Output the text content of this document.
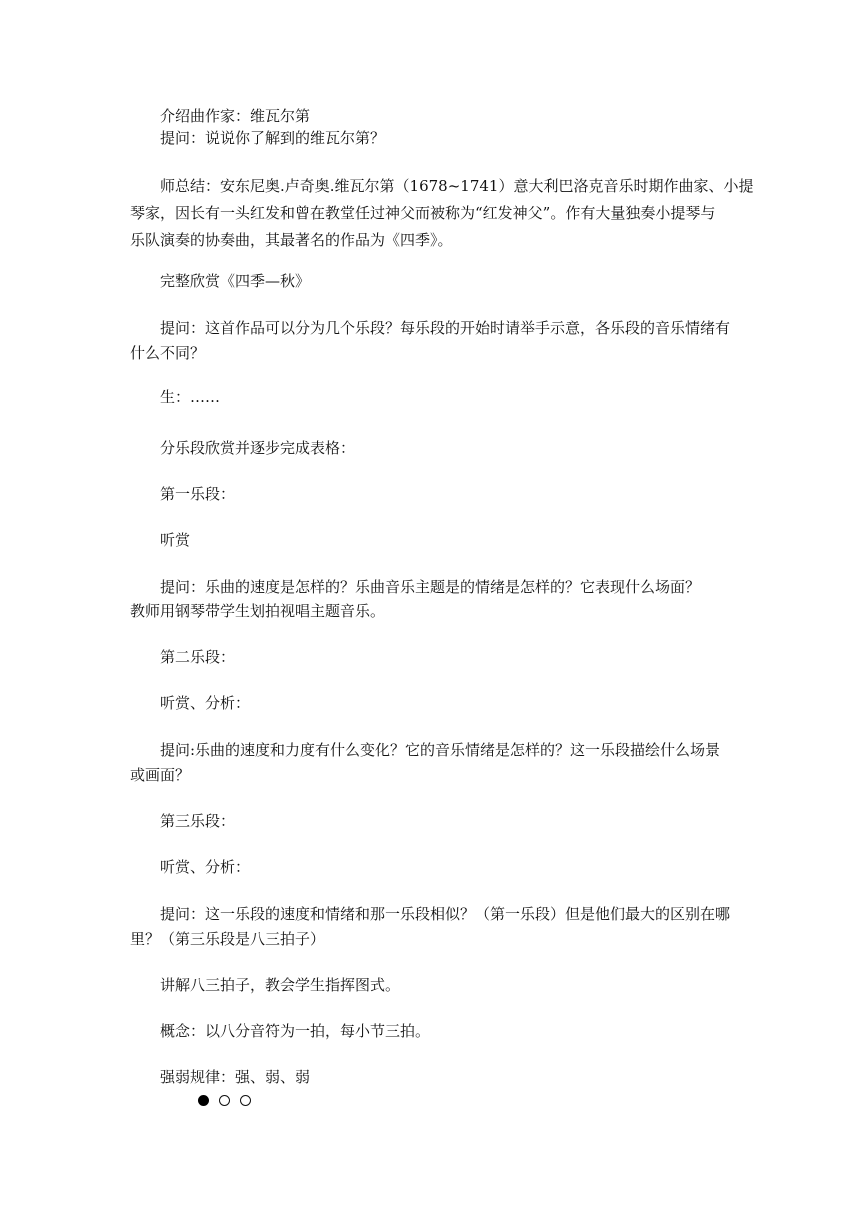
介绍曲作家：维瓦尔第
提问：说说你了解到的维瓦尔第？
师总结：安东尼奥.卢奇奥.维瓦尔第（1678~1741）意大利巴洛克音乐时期作曲家、小提
琴家，因长有一头红发和曾在教堂任过神父而被称为“红发神父”。作有大量独奏小提琴与
乐队演奏的协奏曲，其最著名的作品为《四季》。
完整欣赏《四季—秋》
提问：这首作品可以分为几个乐段？每乐段的开始时请举手示意，各乐段的音乐情绪有
什么不同？
生：……
分乐段欣赏并逐步完成表格：
第一乐段：
听赏
提问：乐曲的速度是怎样的？乐曲音乐主题是的情绪是怎样的？它表现什么场面？
教师用钢琴带学生划拍视唱主题音乐。
第二乐段：
听赏、分析：
提问:乐曲的速度和力度有什么变化？它的音乐情绪是怎样的？这一乐段描绘什么场景
或画面？
第三乐段：
听赏、分析：
提问：这一乐段的速度和情绪和那一乐段相似？（第一乐段）但是他们最大的区别在哪
里？（第三乐段是八三拍子）
讲解八三拍子，教会学生指挥图式。
概念：以八分音符为一拍，每小节三拍。
强弱规律：强、弱、弱
